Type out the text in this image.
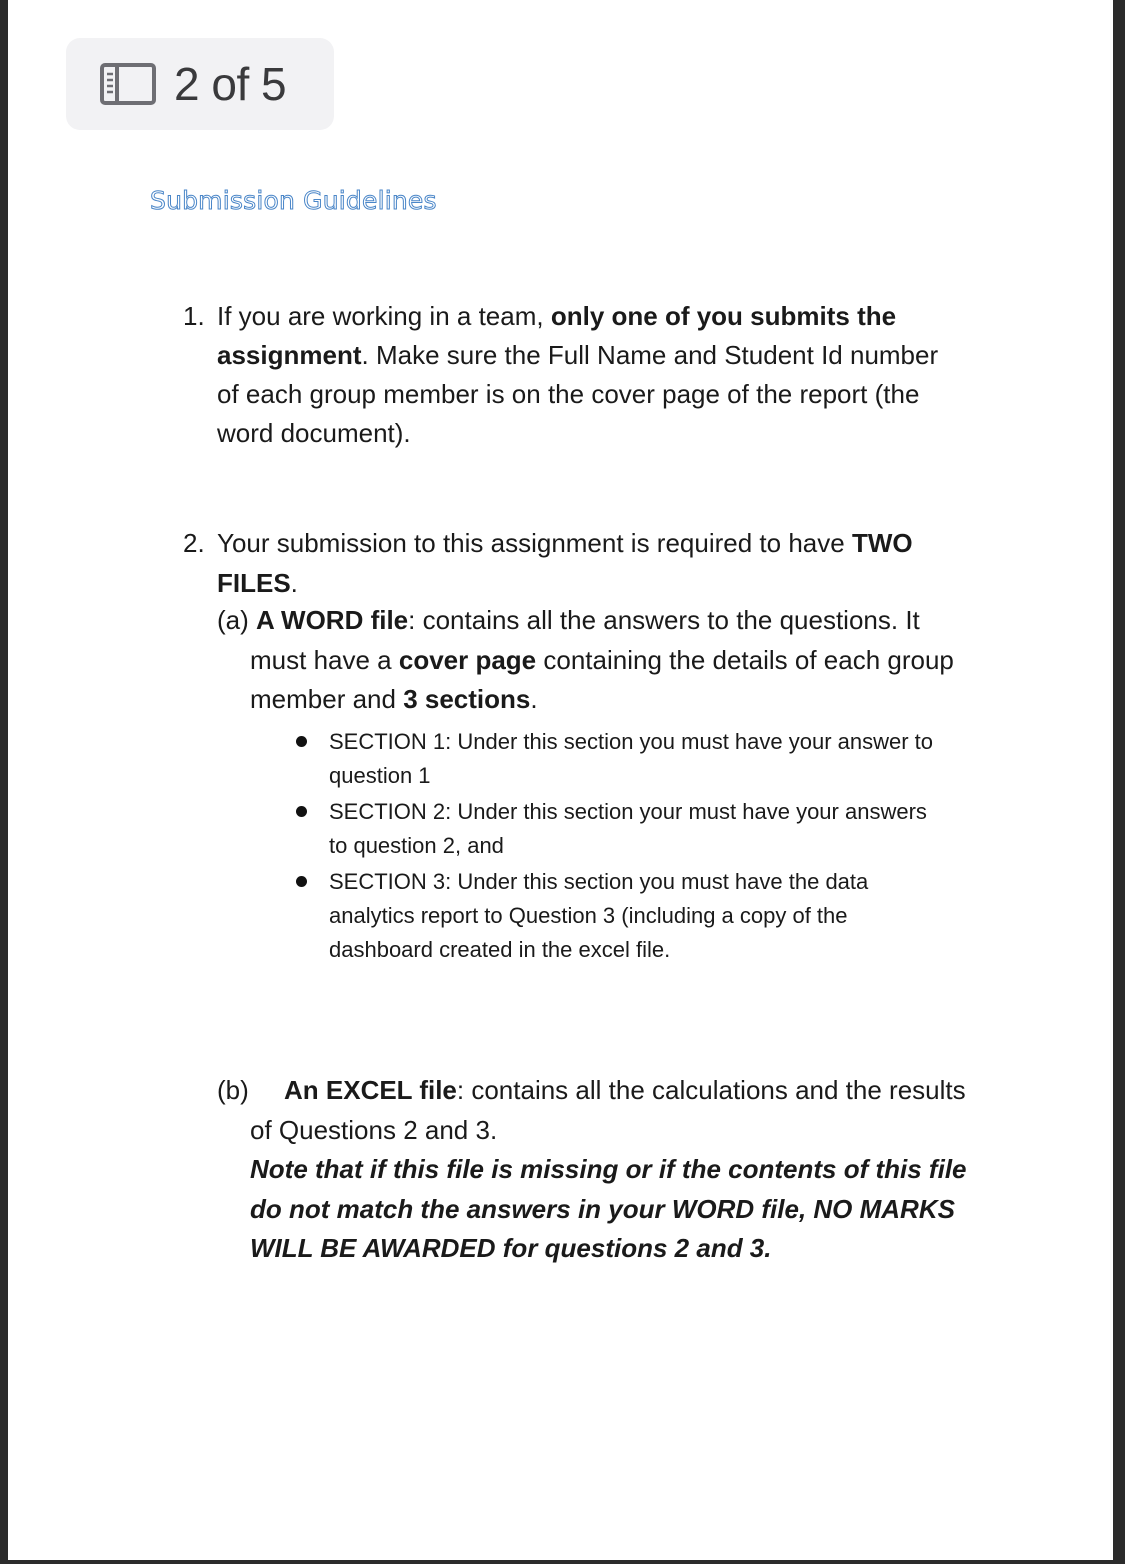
2 of 5
Submission Guidelines
1. If you are working in a team, only one of you submits the
assignment. Make sure the Full Name and Student Id number
of each group member is on the cover page of the report (the
word document).
2. Your submission to this assignment is required to have TWO
FILES.
(a) A WORD file: contains all the answers to the questions. It
must have a cover page containing the details of each group
member and 3 sections.
SECTION 1: Under this section you must have your answer to
question 1
SECTION 2: Under this section your must have your answers
to question 2, and
SECTION 3: Under this section you must have the data
analytics report to Question 3 (including a copy of the
dashboard created in the excel file.
(b) An EXCEL file: contains all the calculations and the results
of Questions 2 and 3.
Note that if this file is missing or if the contents of this file
do not match the answers in your WORD file, NO MARKS
WILL BE AWARDED for questions 2 and 3.
